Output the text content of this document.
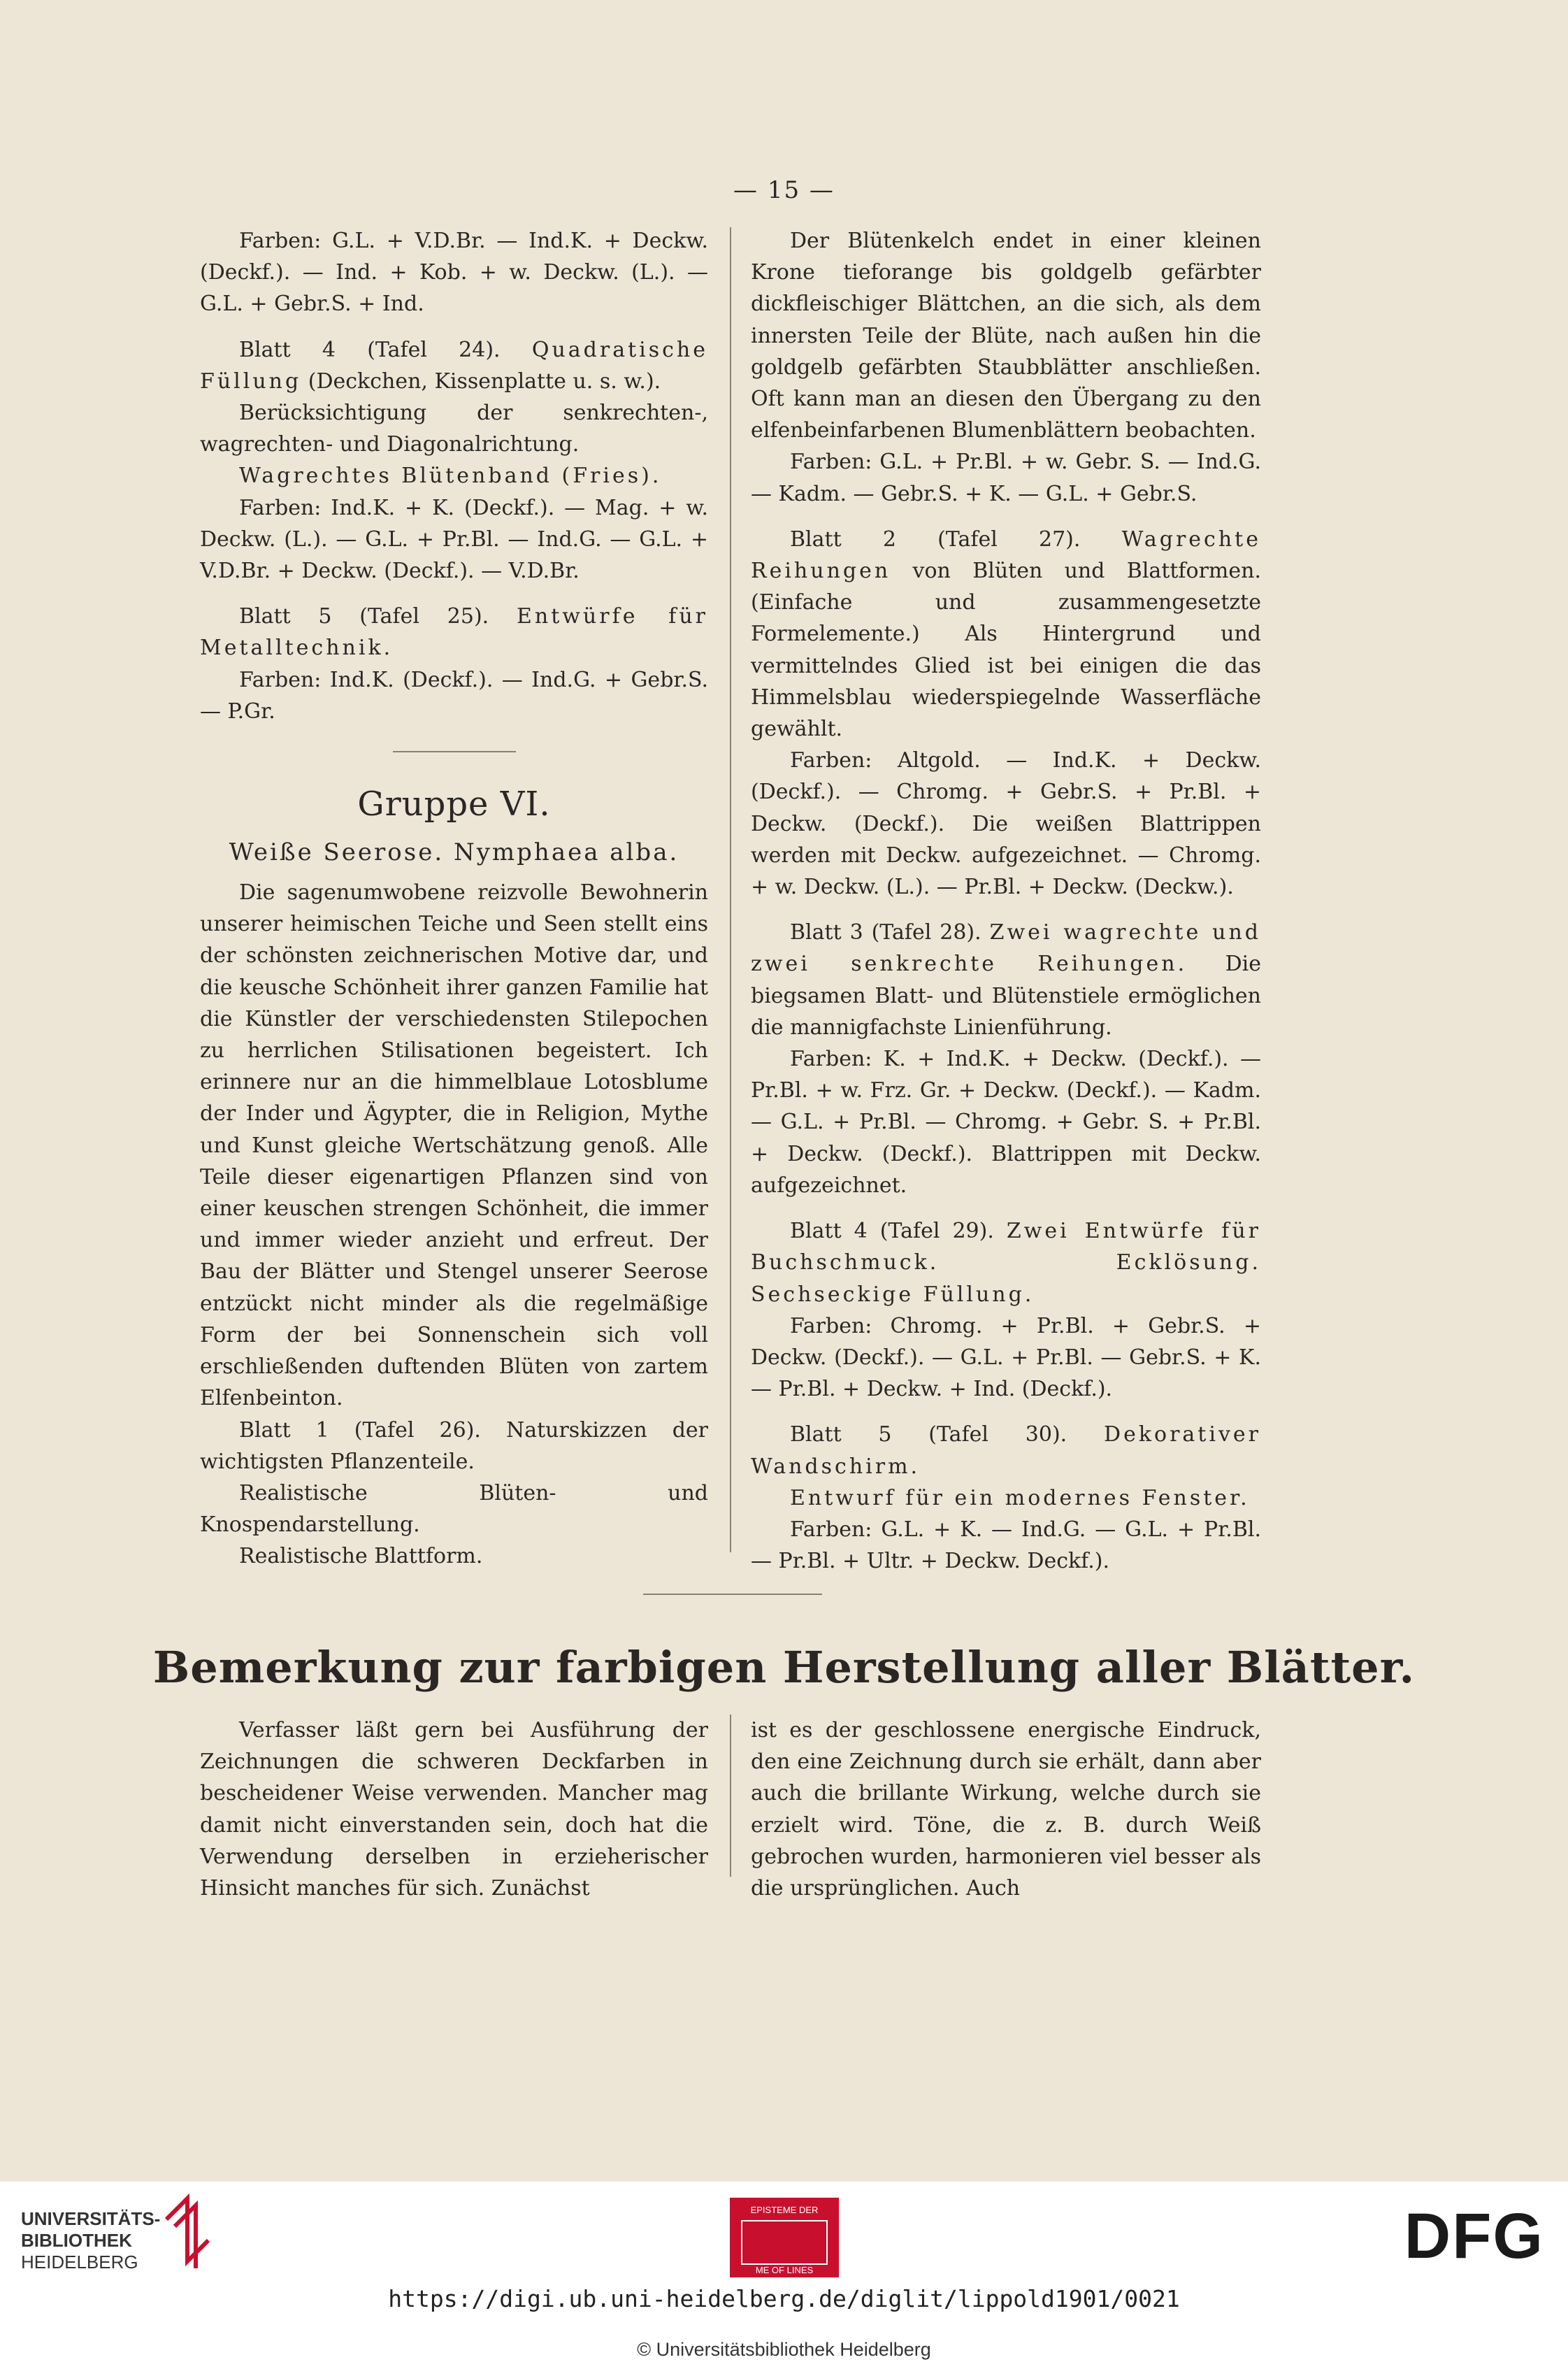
— 15 —

Farben: G.L. + V.D.Br. — Ind.K. + Deckw. (Deckf.). — Ind. + Kob. + w. Deckw. (L.). — G.L. + Gebr.S. + Ind.

Blatt 4 (Tafel 24). Quadratische Füllung (Deckchen, Kissenplatte u. s. w.).

Berücksichtigung der senkrechten-, wagrechten- und Diagonalrichtung.

Wagrechtes Blütenband (Fries).

Farben: Ind.K. + K. (Deckf.). — Mag. + w. Deckw. (L.). — G.L. + Pr.Bl. — Ind.G. — G.L. + V.D.Br. + Deckw. (Deckf.). — V.D.Br.

Blatt 5 (Tafel 25). Entwürfe für Metalltechnik.

Farben: Ind.K. (Deckf.). — Ind.G. + Gebr.S. — P.Gr.

Gruppe VI.

Weiße Seerose. Nymphaea alba.

Die sagenumwobene reizvolle Bewohnerin unserer heimischen Teiche und Seen stellt eins der schönsten zeichnerischen Motive dar, und die keusche Schönheit ihrer ganzen Familie hat die Künstler der verschiedensten Stilepochen zu herrlichen Stilisationen begeistert. Ich erinnere nur an die himmelblaue Lotosblume der Inder und Ägypter, die in Religion, Mythe und Kunst gleiche Wertschätzung genoß. Alle Teile dieser eigenartigen Pflanzen sind von einer keuschen strengen Schönheit, die immer und immer wieder anzieht und erfreut. Der Bau der Blätter und Stengel unserer Seerose entzückt nicht minder als die regelmäßige Form der bei Sonnenschein sich voll erschließenden duftenden Blüten von zartem Elfenbeinton.

Blatt 1 (Tafel 26). Naturskizzen der wichtigsten Pflanzenteile.

Realistische Blüten- und Knospendarstellung.

Realistische Blattform.

Der Blütenkelch endet in einer kleinen Krone tieforange bis goldgelb gefärbter dickfleischiger Blättchen, an die sich, als dem innersten Teile der Blüte, nach außen hin die goldgelb gefärbten Staubblätter anschließen. Oft kann man an diesen den Übergang zu den elfenbeinfarbenen Blumenblättern beobachten.

Farben: G.L. + Pr.Bl. + w. Gebr. S. — Ind.G. — Kadm. — Gebr.S. + K. — G.L. + Gebr.S.

Blatt 2 (Tafel 27). Wagrechte Reihungen von Blüten und Blattformen. (Einfache und zusammengesetzte Formelemente.) Als Hintergrund und vermittelndes Glied ist bei einigen die das Himmelsblau wiederspiegelnde Wasserfläche gewählt.

Farben: Altgold. — Ind.K. + Deckw. (Deckf.). — Chromg. + Gebr.S. + Pr.Bl. + Deckw. (Deckf.). Die weißen Blattrippen werden mit Deckw. aufgezeichnet. — Chromg. + w. Deckw. (L.). — Pr.Bl. + Deckw. (Deckw.).

Blatt 3 (Tafel 28). Zwei wagrechte und zwei senkrechte Reihungen. Die biegsamen Blatt- und Blütenstiele ermöglichen die mannigfachste Linienführung.

Farben: K. + Ind.K. + Deckw. (Deckf.). — Pr.Bl. + w. Frz. Gr. + Deckw. (Deckf.). — Kadm. — G.L. + Pr.Bl. — Chromg. + Gebr. S. + Pr.Bl. + Deckw. (Deckf.). Blattrippen mit Deckw. aufgezeichnet.

Blatt 4 (Tafel 29). Zwei Entwürfe für Buchschmuck. Ecklösung. Sechseckige Füllung.

Farben: Chromg. + Pr.Bl. + Gebr.S. + Deckw. (Deckf.). — G.L. + Pr.Bl. — Gebr.S. + K. — Pr.Bl. + Deckw. + Ind. (Deckf.).

Blatt 5 (Tafel 30). Dekorativer Wandschirm.

Entwurf für ein modernes Fenster.

Farben: G.L. + K. — Ind.G. — G.L. + Pr.Bl. — Pr.Bl. + Ultr. + Deckw. Deckf.).

Bemerkung zur farbigen Herstellung aller Blätter.

Verfasser läßt gern bei Ausführung der Zeichnungen die schweren Deckfarben in bescheidener Weise verwenden. Mancher mag damit nicht einverstanden sein, doch hat die Verwendung derselben in erzieherischer Hinsicht manches für sich. Zunächst

ist es der geschlossene energische Eindruck, den eine Zeichnung durch sie erhält, dann aber auch die brillante Wirkung, welche durch sie erzielt wird. Töne, die z. B. durch Weiß gebrochen wurden, harmonieren viel besser als die ursprünglichen. Auch

UNIVERSITÄTS-
BIBLIOTHEK
HEIDELBERG
EPISTEME DER
ME OF LINES	DFG
https://digi.ub.uni-heidelberg.de/diglit/lippold1901/0021
© Universitätsbibliothek Heidelberg
